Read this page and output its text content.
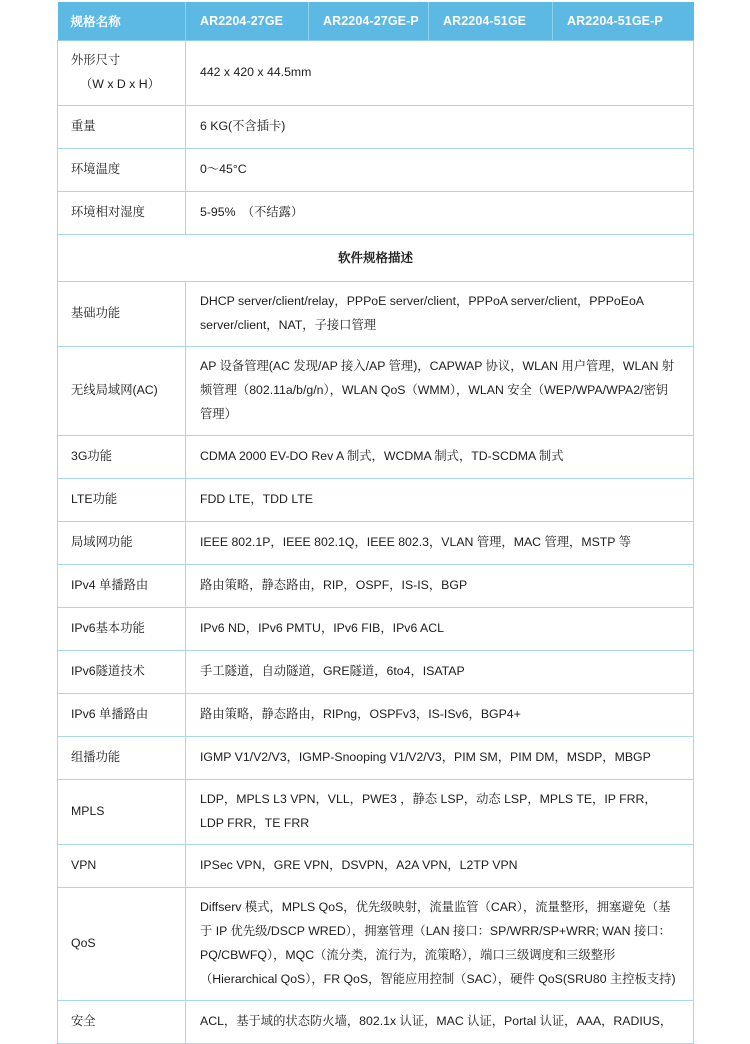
规格名称	AR2204-27GE	AR2204-27GE-P	AR2204-51GE	AR2204-51GE-P
外形尺寸
（W x D x H）	442 x 420 x 44.5mm			
重量	6 KG(不含插卡)			
环境温度	0～45°C			
环境相对湿度	5-95%　（不结露）			
软件规格描述				
基础功能	DHCP server/client/relay，PPPoE server/client，PPPoA server/client，PPPoEoA server/client，NAT，子接口管理			
无线局域网(AC)	AP 设备管理(AC 发现/AP 接入/AP 管理)，CAPWAP 协议，WLAN 用户管理，WLAN 射频管理（802.11a/b/g/n），WLAN QoS（WMM），WLAN 安全（WEP/WPA/WPA2/密钥管理）			
3G功能	CDMA 2000 EV-DO Rev A 制式，WCDMA 制式，TD-SCDMA 制式			
LTE功能	FDD LTE，TDD LTE			
局域网功能	IEEE 802.1P，IEEE 802.1Q，IEEE 802.3，VLAN 管理，MAC 管理，MSTP 等			
IPv4 单播路由	路由策略，静态路由，RIP，OSPF，IS-IS，BGP			
IPv6基本功能	IPv6 ND，IPv6 PMTU，IPv6 FIB，IPv6 ACL			
IPv6隧道技术	手工隧道，自动隧道，GRE隧道，6to4，ISATAP			
IPv6 单播路由	路由策略，静态路由，RIPng，OSPFv3，IS-ISv6，BGP4+			
组播功能	IGMP V1/V2/V3，IGMP-Snooping V1/V2/V3，PIM SM，PIM DM，MSDP，MBGP			
MPLS	LDP，MPLS L3 VPN，VLL，PWE3 ，静态 LSP，动态 LSP，MPLS TE，IP FRR，LDP FRR，TE FRR			
VPN	IPSec VPN，GRE VPN，DSVPN，A2A VPN，L2TP VPN			
QoS	Diffserv 模式，MPLS QoS，优先级映射，流量监管（CAR），流量整形，拥塞避免（基于 IP 优先级/DSCP WRED），拥塞管理（LAN 接口：SP/WRR/SP+WRR; WAN 接口：PQ/CBWFQ），MQC（流分类，流行为，流策略），端口三级调度和三级整形（Hierarchical QoS），FR QoS，智能应用控制（SAC），硬件 QoS(SRU80 主控板支持)			
安全	ACL，基于域的状态防火墙，802.1x 认证，MAC 认证，Portal 认证，AAA，RADIUS，			
